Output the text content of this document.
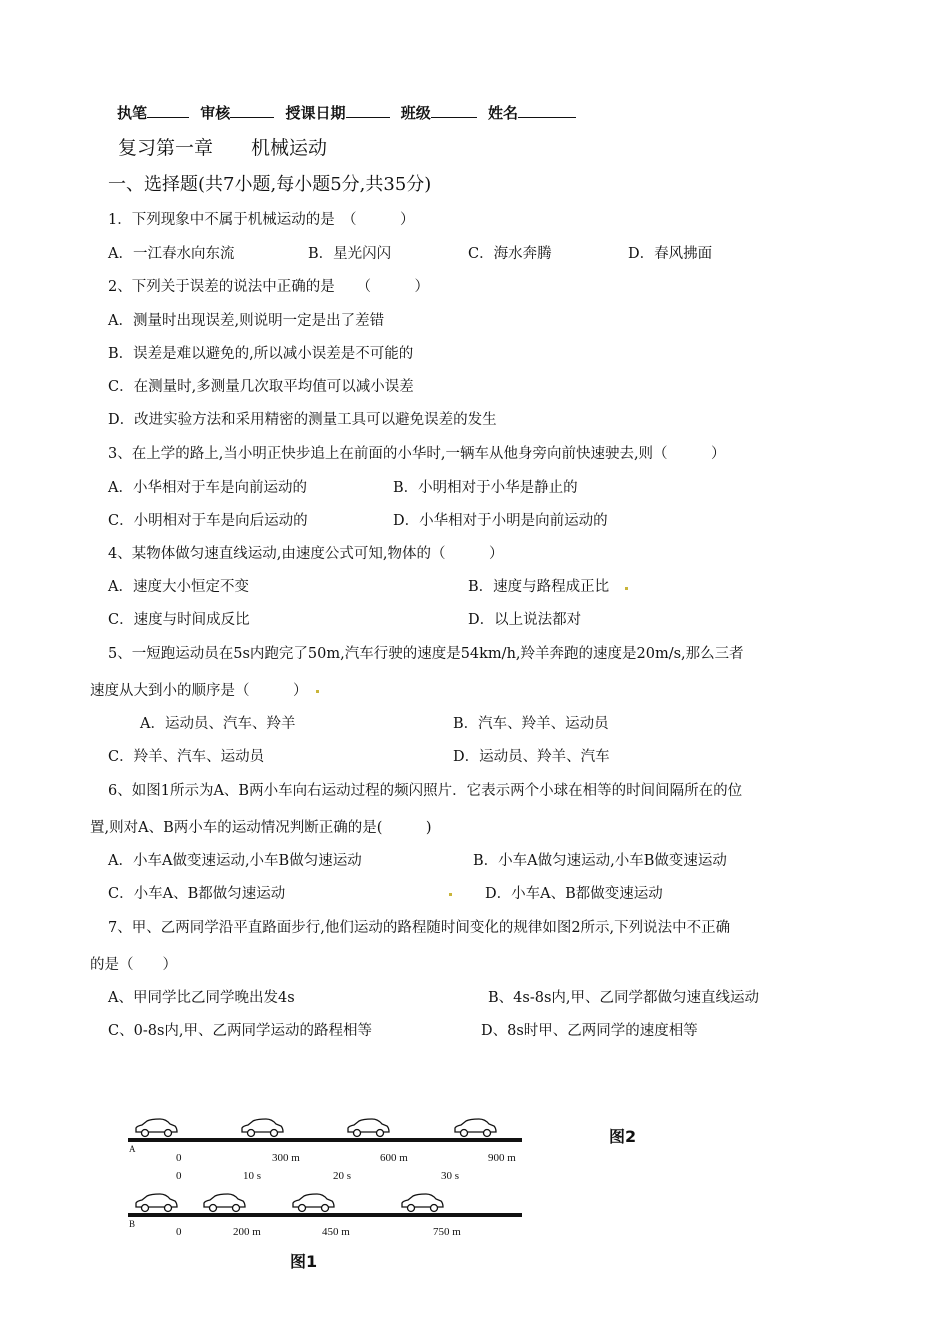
执笔	审核	授课日期	班级	姓名
复习第一章　　机械运动
一、选择题(共7小题,每小题5分,共35分)
1．下列现象中不属于机械运动的是　（　　　）
A．一江春水向东流	B．星光闪闪	C．海水奔腾	D．春风拂面
2、下列关于误差的说法中正确的是　　（　　　）
A．测量时出现误差,则说明一定是出了差错
B．误差是难以避免的,所以减小误差是不可能的
C．在测量时,多测量几次取平均值可以减小误差
D．改进实验方法和采用精密的测量工具可以避免误差的发生
3、在上学的路上,当小明正快步追上在前面的小华时,一辆车从他身旁向前快速驶去,则（　　　）
A．小华相对于车是向前运动的	B．小明相对于小华是静止的
C．小明相对于车是向后运动的	D．小华相对于小明是向前运动的
4、某物体做匀速直线运动,由速度公式可知,物体的（　　　）
A．速度大小恒定不变	B．速度与路程成正比
C．速度与时间成反比	D．以上说法都对
5、一短跑运动员在5s内跑完了50m,汽车行驶的速度是54km/h,羚羊奔跑的速度是20m/s,那么三者
速度从大到小的顺序是（　　　）
A．运动员、汽车、羚羊	B．汽车、羚羊、运动员
C．羚羊、汽车、运动员	D．运动员、羚羊、汽车
6、如图1所示为A、B两小车向右运动过程的频闪照片．它表示两个小球在相等的时间间隔所在的位
置,则对A、B两小车的运动情况判断正确的是(　　　)
A．小车A做变速运动,小车B做匀速运动	B．小车A做匀速运动,小车B做变速运动
C．小车A、B都做匀速运动	D．小车A、B都做变速运动
7、甲、乙两同学沿平直路面步行,他们运动的路程随时间变化的规律如图2所示,下列说法中不正确
的是（　　）
A、甲同学比乙同学晚出发4s	B、4s-8s内,甲、乙同学都做匀速直线运动
C、0-8s内,甲、乙两同学运动的路程相等	D、8s时甲、乙两同学的速度相等
A
0	300 m	600 m	900 m
0	10 s	20 s	30 s
B
0	200 m	450 m	750 m
图1
图2
